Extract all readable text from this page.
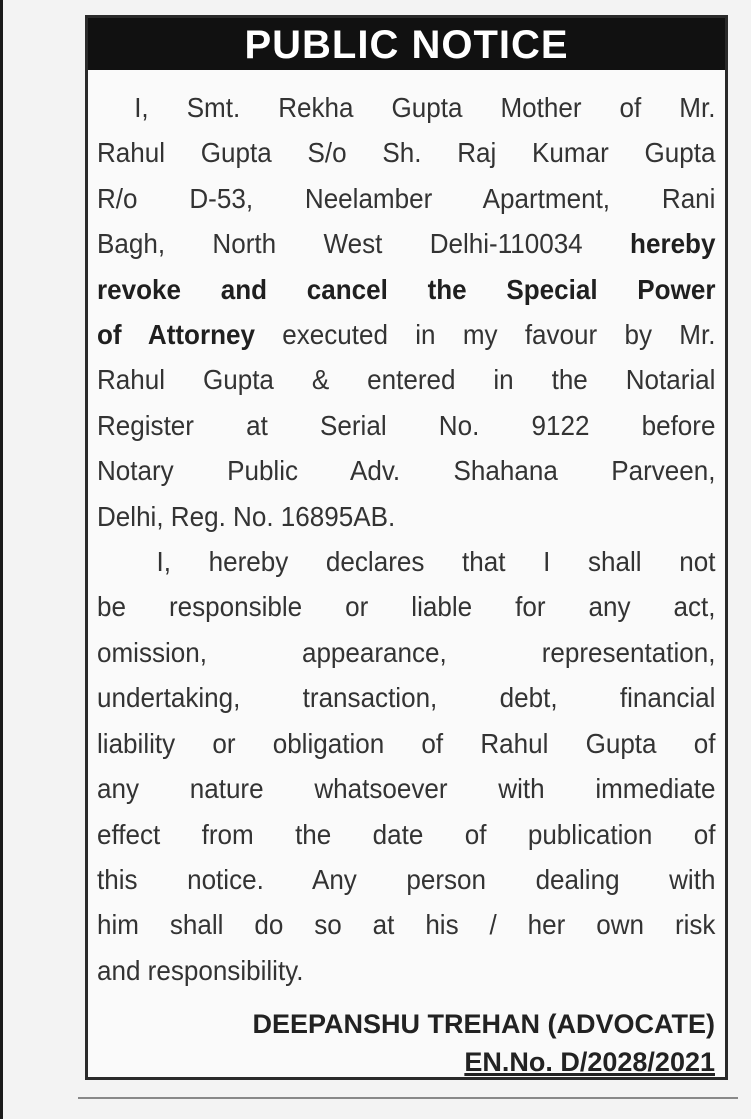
PUBLIC NOTICE
I, Smt. Rekha Gupta Mother of Mr.
Rahul Gupta S/o Sh. Raj Kumar Gupta
R/o D-53, Neelamber Apartment, Rani
Bagh, North West Delhi-110034 hereby
revoke and cancel the Special Power
of Attorney executed in my favour by Mr.
Rahul Gupta & entered in the Notarial
Register at Serial No. 9122 before
Notary Public Adv. Shahana Parveen,
Delhi, Reg. No. 16895AB.
I, hereby declares that I shall not
be responsible or liable for any act,
omission, appearance, representation,
undertaking, transaction, debt, financial
liability or obligation of Rahul Gupta of
any nature whatsoever with immediate
effect from the date of publication of
this notice. Any person dealing with
him shall do so at his / her own risk
and responsibility.
DEEPANSHU TREHAN (ADVOCATE)
EN.No. D/2028/2021
